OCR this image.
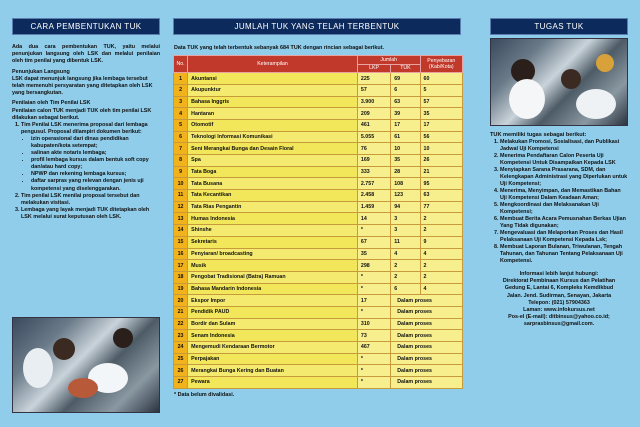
CARA PEMBENTUKAN TUK

Ada dua cara pembentukan TUK, yaitu melalui penunjukan langsung oleh LSK dan melalui penilaian oleh tim penilai yang dibentuk LSK.

Penunjukan Langsung

LSK dapat menunjuk langsung jika lembaga tersebut telah memenuhi persyaratan yang ditetapkan oleh LSK yang bersangkutan.

Penilaian oleh Tim Penilai LSK

Penilaian calon TUK menjadi TUK oleh tim penilai LSK dilakukan sebagai berikut.

1. Tim Penilai LSK menerima proposal dari lembaga pengusul. Proposal dilampiri dokumen berikut:
• izin operasional dari dinas pendidikan kabupaten/kota setempat;
• salinan akte notaris lembaga;
• profil lembaga kursus dalam bentuk soft copy dan/atau hard copy;
• NPWP dan rekening lembaga kursus;
• daftar sarpras yang relevan dengan jenis uji kompetensi yang diselenggarakan.
2. Tim penilai LSK menilai proposal tersebut dan melakukan visitasi.
3. Lembaga yang layak menjadi TUK ditetapkan oleh LSK melalui surat keputusan oleh LSK.
JUMLAH TUK YANG TELAH TERBENTUK
Data TUK yang telah terbentuk sebanyak 684 TUK dengan rincian sebagai berikut.
No.	Keterampilan	Jumlah		Penyebaran (Kab/Kota)
		LKP	TUK	
1	Akuntansi	225	69	60
2	Akupunktur	57	6	5
3	Bahasa Inggris	3.900	63	57
4	Hantaran	209	39	35
5	Otomotif	461	17	17
6	Teknologi Informasi Komunikasi	5.055	61	56
7	Seni Merangkai Bunga dan Desain Floral	76	10	10
8	Spa	169	35	26
9	Tata Boga	333	28	21
10	Tata Busana	2.757	108	95
11	Tata Kecantikan	2.458	123	63
12	Tata Rias Pengantin	1.459	94	77
13	Humas Indonesia	14	3	2
14	Shinshe	*	3	2
15	Sekretaris	67	11	9
16	Penyiaran/ broadcasting	35	4	4
17	Musik	298	2	2
18	Pengobat Tradisional (Batra) Ramuan	*	2	2
19	Bahasa Mandarin Indonesia	*	6	4
20	Ekspor Impor	17	Dalam proses	
21	Pendidik PAUD	*	Dalam proses	
22	Bordir dan Sulam	310	Dalam proses	
23	Senam Indonesia	73	Dalam proses	
24	Mengemudi Kendaraan Bermotor	467	Dalam proses	
25	Perpajakan	*	Dalam proses	
26	Merangkai Bunga Kering dan Buatan	*	Dalam proses	
27	Pewara	*	Dalam proses	
* Data belum divalidasi.
TUGAS TUK
TUK memiliki tugas sebagai berikut:
1. Melakukan Promosi, Sosialisasi, dan Publikasi Jadwal Uji Kompetensi
2. Menerima Pendaftaran Calon Peserta Uji Kompetensi Untuk Disampaikan Kepada LSK
3. Menyiapkan Sarana Prasarana, SDM, dan Kelengkapan Administrasi yang Diperlukan untuk Uji Kompetensi;
4. Menerima, Menyimpan, dan Memastikan Bahan Uji Kompetensi Dalam Keadaan Aman;
5. Mengkoordinasi dan Melaksanakan Uji Kompetensi;
6. Membuat Berita Acara Pemusnahan Berkas Ujian Yang Tidak digunakan;
7. Mengevaluasi dan Melaporkan Proses dan Hasil Pelaksanaan Uji Kompetensi Kepada Lsk;
8. Membuat Laporan Bulanan, Triwulanan, Tengah Tahunan, dan Tahunan Tentang Pelaksanaan Uji Kompetensi.
Informasi lebih lanjut hubungi:
Direktorat Pembinaan Kursus dan Pelatihan
Gedung E, Lantai 6, Kompleks Kemdikbud
Jalan. Jend. Sudirman, Senayan, Jakarta
Telepon: (021) 57904363
Laman: www.infokursus.net
Pos-el (E-mail): ditbinsus@yahoo.co.id;
sarprasbinsus@gmail.com.
